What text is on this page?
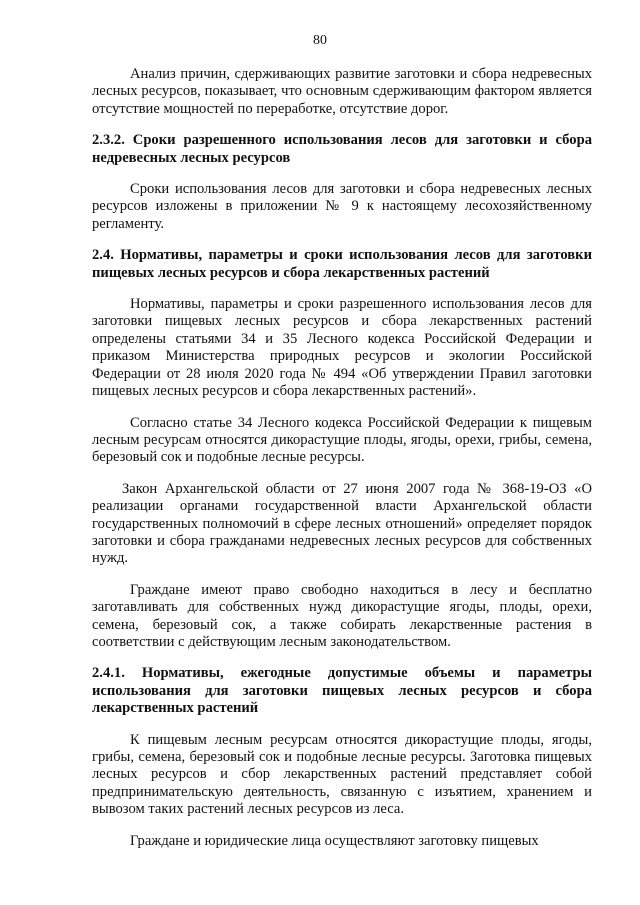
80

Анализ причин, сдерживающих развитие заготовки и сбора недревесных лесных ресурсов, показывает, что основным сдерживающим фактором является отсутствие мощностей по переработке, отсутствие дорог.

2.3.2. Сроки разрешенного использования лесов для заготовки и сбора недревесных лесных ресурсов

Сроки использования лесов для заготовки и сбора недревесных лесных ресурсов изложены в приложении № 9 к настоящему лесохозяйственному регламенту.

2.4. Нормативы, параметры и сроки использования лесов для заготовки пищевых лесных ресурсов и сбора лекарственных растений

Нормативы, параметры и сроки разрешенного использования лесов для заготовки пищевых лесных ресурсов и сбора лекарственных растений определены статьями 34 и 35 Лесного кодекса Российской Федерации и приказом Министерства природных ресурсов и экологии Российской Федерации от 28 июля 2020 года № 494 «Об утверждении Правил заготовки пищевых лесных ресурсов и сбора лекарственных растений».

Согласно статье 34 Лесного кодекса Российской Федерации к пищевым лесным ресурсам относятся дикорастущие плоды, ягоды, орехи, грибы, семена, березовый сок и подобные лесные ресурсы.

Закон Архангельской области от 27 июня 2007 года № 368-19-ОЗ «О реализации органами государственной власти Архангельской области государственных полномочий в сфере лесных отношений» определяет порядок заготовки и сбора гражданами недревесных лесных ресурсов для собственных нужд.

Граждане имеют право свободно находиться в лесу и бесплатно заготавливать для собственных нужд дикорастущие ягоды, плоды, орехи, семена, березовый сок, а также собирать лекарственные растения в соответствии с действующим лесным законодательством.

2.4.1. Нормативы, ежегодные допустимые объемы и параметры использования для заготовки пищевых лесных ресурсов и сбора лекарственных растений

К пищевым лесным ресурсам относятся дикорастущие плоды, ягоды, грибы, семена, березовый сок и подобные лесные ресурсы. Заготовка пищевых лесных ресурсов и сбор лекарственных растений представляет собой предпринимательскую деятельность, связанную с изъятием, хранением и вывозом таких растений лесных ресурсов из леса.

Граждане и юридические лица осуществляют заготовку пищевых
